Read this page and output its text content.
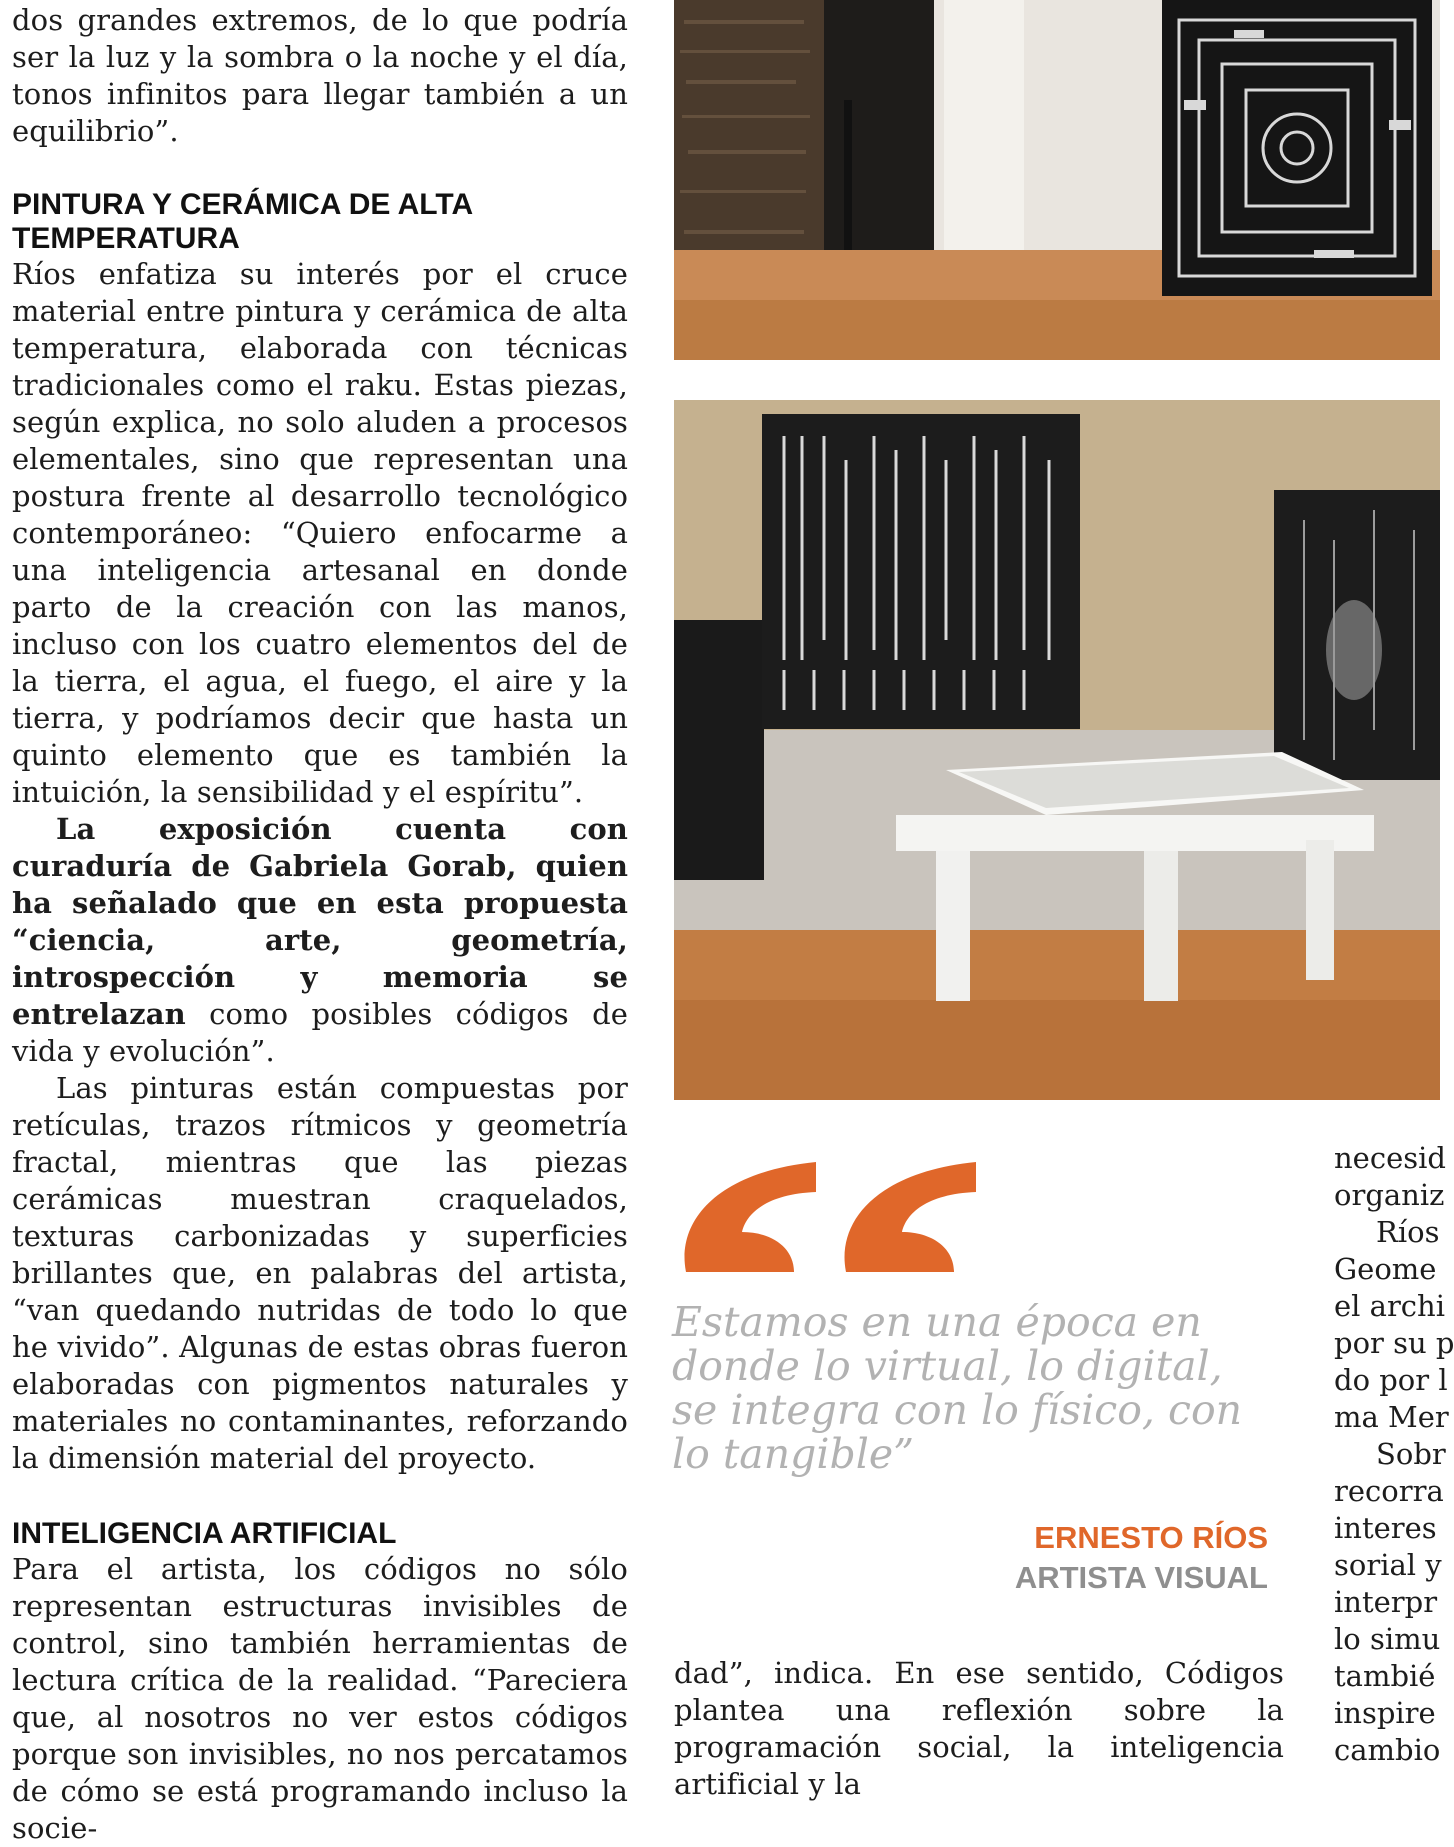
dos grandes extremos, de lo que podría ser la luz y la sombra o la noche y el día, tonos infinitos para llegar también a un equilibrio”.

PINTURA Y CERÁMICA DE ALTA TEMPERATURA

Ríos enfatiza su interés por el cruce material entre pintura y cerámica de alta temperatura, elaborada con técnicas tradicionales como el raku. Estas piezas, según explica, no solo aluden a procesos elementales, sino que representan una postura frente al desarrollo tecnológico contemporáneo: “Quiero enfocarme a una inteligencia artesanal en donde parto de la creación con las manos, incluso con los cuatro elementos del de la tierra, el agua, el fuego, el aire y la tierra, y podríamos decir que hasta un quinto elemento que es también la intuición, la sensibilidad y el espíritu”.

La exposición cuenta con curaduría de Gabriela Gorab, quien ha señalado que en esta propuesta “ciencia, arte, geometría, introspección y memoria se entrelazan como posibles códigos de vida y evolución”.

Las pinturas están compuestas por retículas, trazos rítmicos y geometría fractal, mientras que las piezas cerámicas muestran craquelados, texturas carbonizadas y superficies brillantes que, en palabras del artista, “van quedando nutridas de todo lo que he vivido”. Algunas de estas obras fueron elaboradas con pigmentos naturales y materiales no contaminantes, reforzando la dimensión material del proyecto.

INTELIGENCIA ARTIFICIAL

Para el artista, los códigos no sólo representan estructuras invisibles de control, sino también herramientas de lectura crítica de la realidad. “Pareciera que, al nosotros no ver estos códigos porque son invisibles, no nos percatamos de cómo se está programando incluso la socie-

Estamos en una época en donde lo virtual, lo digital, se integra con lo físico, con lo tangible”

ERNESTO RÍOS
ARTISTA VISUAL

dad”, indica. En ese sentido, Códigos plantea una reflexión sobre la programación social, la inteligencia artificial y la

necesid

organiz

Ríos

Geome

el archi

por su p

do por l

ma Mer

Sobr

recorra

interes

sorial y

interpr

lo simu

tambié

inspire

cambio
